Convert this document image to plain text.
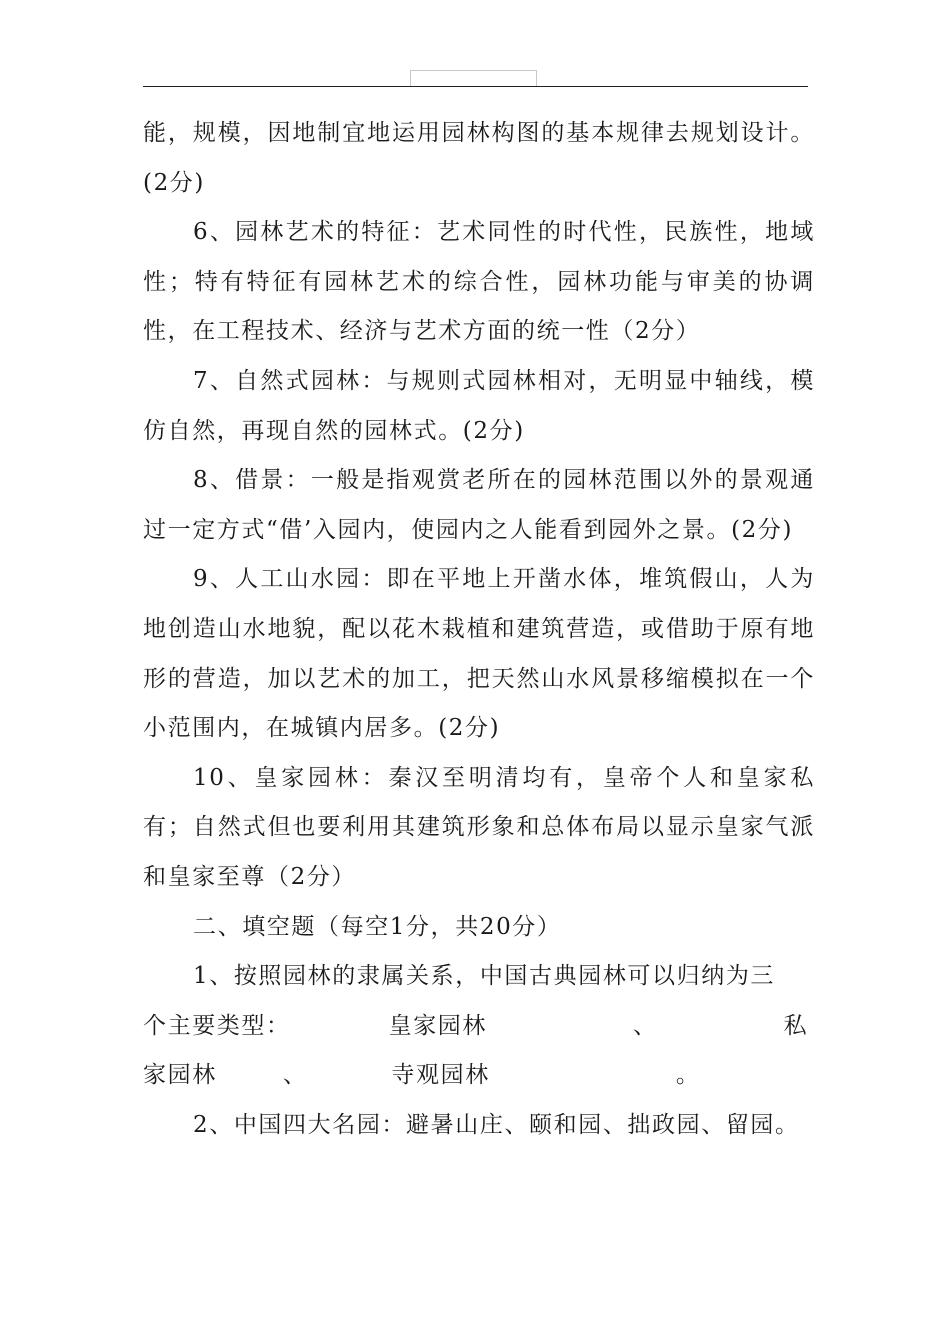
能，规模，因地制宜地运用园林构图的基本规律去规划设计。(2分)

6、园林艺术的特征：艺术同性的时代性，民族性，地域性；特有特征有园林艺术的综合性，园林功能与审美的协调性，在工程技术、经济与艺术方面的统一性（2分）

7、自然式园林：与规则式园林相对，无明显中轴线，模仿自然，再现自然的园林式。(2分)

8、借景：一般是指观赏老所在的园林范围以外的景观通过一定方式“借’入园内，使园内之人能看到园外之景。(2分)

9、人工山水园：即在平地上开凿水体，堆筑假山，人为地创造山水地貌，配以花木栽植和建筑营造，或借助于原有地形的营造，加以艺术的加工，把天然山水风景移缩模拟在一个小范围内，在城镇内居多。(2分)

10、皇家园林：秦汉至明清均有，皇帝个人和皇家私有；自然式但也要利用其建筑形象和总体布局以显示皇家气派和皇家至尊（2分）

二、填空题（每空1分，共20分）

1、按照园林的隶属关系，中国古典园林可以归纳为三

个主要类型：	皇家园林	、	私
家园林	、	寺观园林	。

2、中国四大名园：避暑山庄、颐和园、拙政园、留园。
